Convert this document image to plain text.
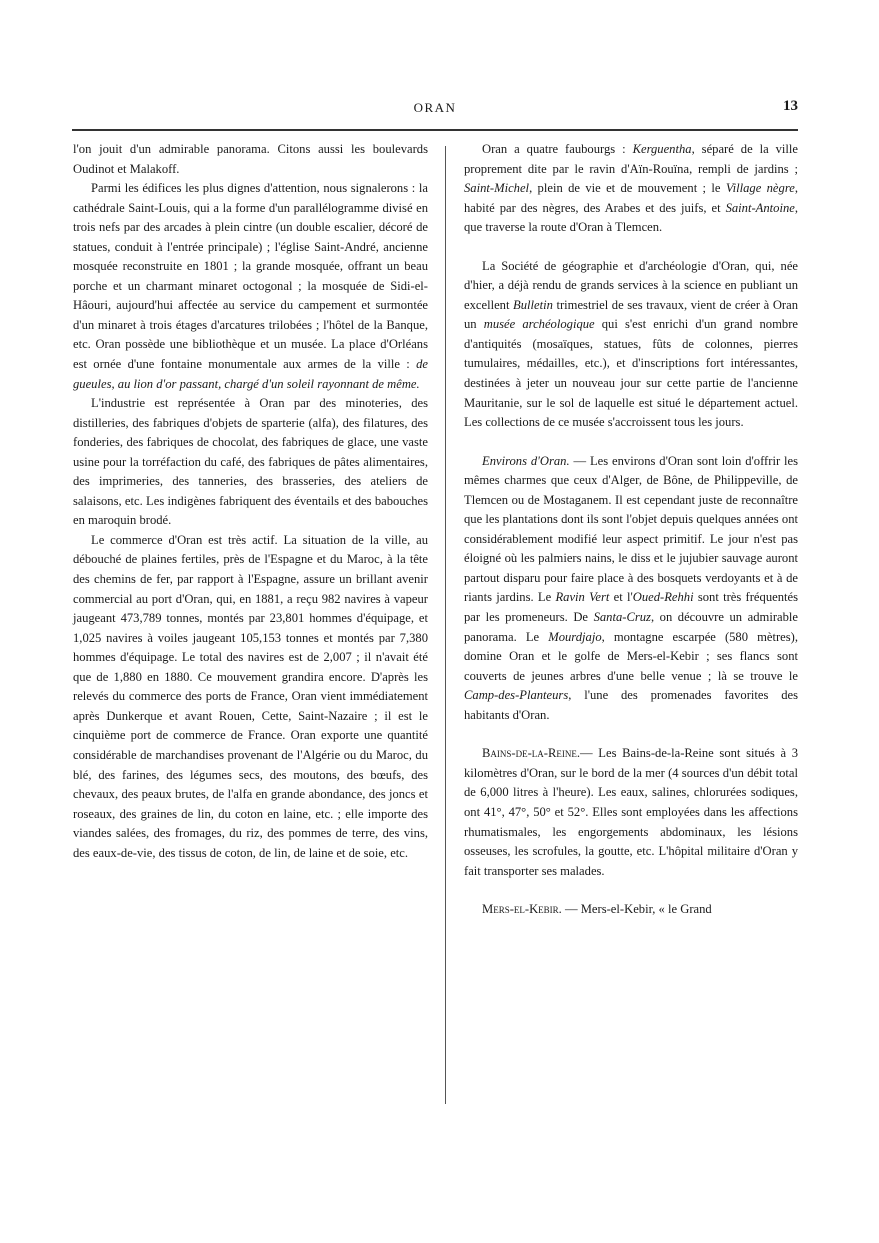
ORAN	13

l'on jouit d'un admirable panorama. Citons aussi les boulevards Oudinot et Malakoff.

Parmi les édifices les plus dignes d'attention, nous signalerons : la cathédrale Saint-Louis, qui a la forme d'un parallélogramme divisé en trois nefs par des arcades à plein cintre (un double escalier, décoré de statues, conduit à l'entrée principale) ; l'église Saint-André, ancienne mosquée reconstruite en 1801 ; la grande mosquée, offrant un beau porche et un charmant minaret octogonal ; la mosquée de Sidi-el-Hâouri, aujourd'hui affectée au service du campement et surmontée d'un minaret à trois étages d'arcatures trilobées ; l'hôtel de la Banque, etc. Oran possède une bibliothèque et un musée. La place d'Orléans est ornée d'une fontaine monumentale aux armes de la ville : de gueules, au lion d'or passant, chargé d'un soleil rayonnant de même.

L'industrie est représentée à Oran par des minoteries, des distilleries, des fabriques d'objets de sparterie (alfa), des filatures, des fonderies, des fabriques de chocolat, des fabriques de glace, une vaste usine pour la torréfaction du café, des fabriques de pâtes alimentaires, des imprimeries, des tanneries, des brasseries, des ateliers de salaisons, etc. Les indigènes fabriquent des éventails et des babouches en maroquin brodé.

Le commerce d'Oran est très actif. La situation de la ville, au débouché de plaines fertiles, près de l'Espagne et du Maroc, à la tête des chemins de fer, par rapport à l'Espagne, assure un brillant avenir commercial au port d'Oran, qui, en 1881, a reçu 982 navires à vapeur jaugeant 473,789 tonnes, montés par 23,801 hommes d'équipage, et 1,025 navires à voiles jaugeant 105,153 tonnes et montés par 7,380 hommes d'équipage. Le total des navires est de 2,007 ; il n'avait été que de 1,880 en 1880. Ce mouvement grandira encore. D'après les relevés du commerce des ports de France, Oran vient immédiatement après Dunkerque et avant Rouen, Cette, Saint-Nazaire ; il est le cinquième port de commerce de France. Oran exporte une quantité considérable de marchandises provenant de l'Algérie ou du Maroc, du blé, des farines, des légumes secs, des moutons, des bœufs, des chevaux, des peaux brutes, de l'alfa en grande abondance, des joncs et roseaux, des graines de lin, du coton en laine, etc. ; elle importe des viandes salées, des fromages, du riz, des pommes de terre, des vins, des eaux-de-vie, des tissus de coton, de lin, de laine et de soie, etc.

Oran a quatre faubourgs : Kerguentha, séparé de la ville proprement dite par le ravin d'Aïn-Rouïna, rempli de jardins ; Saint-Michel, plein de vie et de mouvement ; le Village nègre, habité par des nègres, des Arabes et des juifs, et Saint-Antoine, que traverse la route d'Oran à Tlemcen.

La Société de géographie et d'archéologie d'Oran, qui, née d'hier, a déjà rendu de grands services à la science en publiant un excellent Bulletin trimestriel de ses travaux, vient de créer à Oran un musée archéologique qui s'est enrichi d'un grand nombre d'antiquités (mosaïques, statues, fûts de colonnes, pierres tumulaires, médailles, etc.), et d'inscriptions fort intéressantes, destinées à jeter un nouveau jour sur cette partie de l'ancienne Mauritanie, sur le sol de laquelle est situé le département actuel. Les collections de ce musée s'accroissent tous les jours.

Environs d'Oran. — Les environs d'Oran sont loin d'offrir les mêmes charmes que ceux d'Alger, de Bône, de Philippeville, de Tlemcen ou de Mostaganem. Il est cependant juste de reconnaître que les plantations dont ils sont l'objet depuis quelques années ont considérablement modifié leur aspect primitif. Le jour n'est pas éloigné où les palmiers nains, le diss et le jujubier sauvage auront partout disparu pour faire place à des bosquets verdoyants et à de riants jardins. Le Ravin Vert et l'Oued-Rehhi sont très fréquentés par les promeneurs. De Santa-Cruz, on découvre un admirable panorama. Le Mourdjajo, montagne escarpée (580 mètres), domine Oran et le golfe de Mers-el-Kebir ; ses flancs sont couverts de jeunes arbres d'une belle venue ; là se trouve le Camp-des-Planteurs, l'une des promenades favorites des habitants d'Oran.

Bains-de-la-Reine.— Les Bains-de-la-Reine sont situés à 3 kilomètres d'Oran, sur le bord de la mer (4 sources d'un débit total de 6,000 litres à l'heure). Les eaux, salines, chlorurées sodiques, ont 41°, 47°, 50° et 52°. Elles sont employées dans les affections rhumatismales, les engorgements abdominaux, les lésions osseuses, les scrofules, la goutte, etc. L'hôpital militaire d'Oran y fait transporter ses malades.

Mers-el-Kebir. — Mers-el-Kebir, « le Grand
